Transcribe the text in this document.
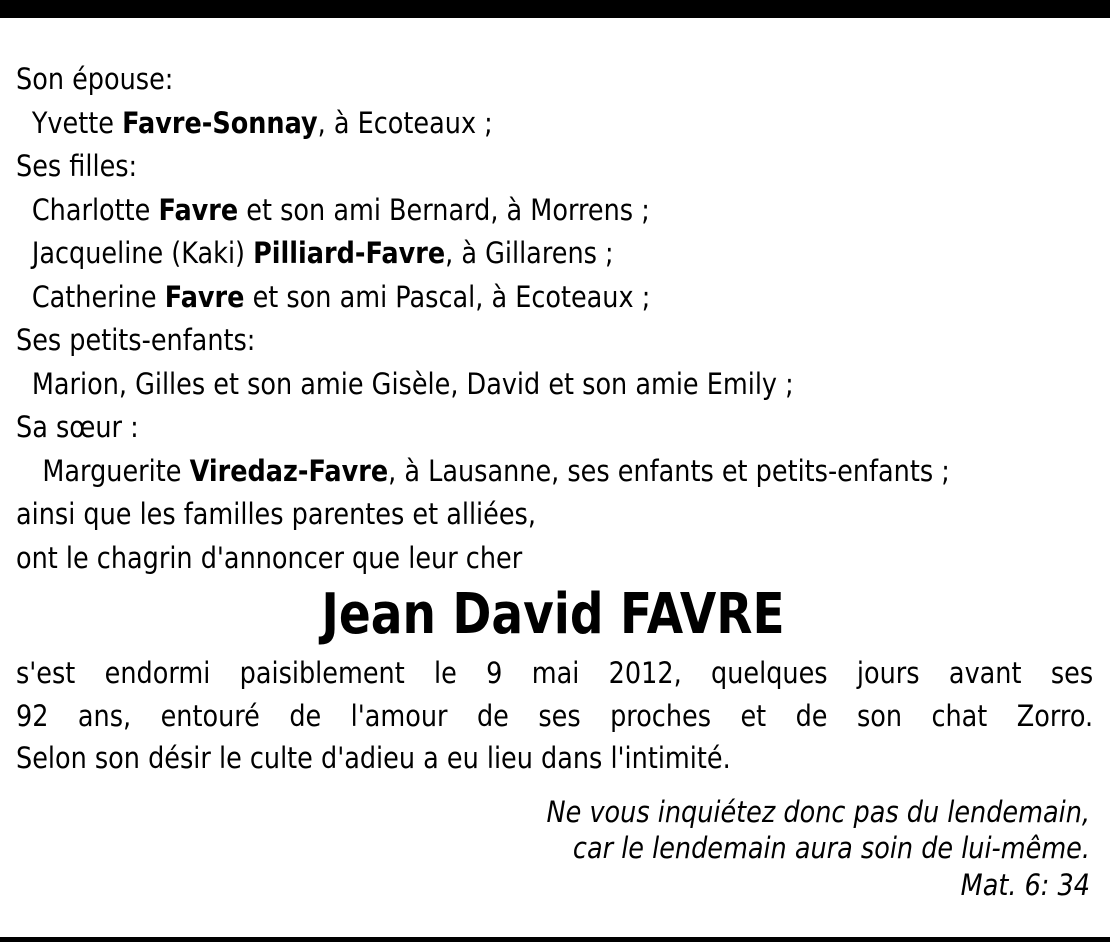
Son épouse:
Yvette Favre-Sonnay, à Ecoteaux ;
Ses filles:
Charlotte Favre et son ami Bernard, à Morrens ;
Jacqueline (Kaki) Pilliard-Favre, à Gillarens ;
Catherine Favre et son ami Pascal, à Ecoteaux ;
Ses petits-enfants:
Marion, Gilles et son amie Gisèle, David et son amie Emily ;
Sa sœur :
Marguerite Viredaz-Favre, à Lausanne, ses enfants et petits-enfants ;
ainsi que les familles parentes et alliées,
ont le chagrin d'annoncer que leur cher
Jean David FAVRE
s'est endormi paisiblement le 9 mai 2012, quelques jours avant ses
92 ans, entouré de l'amour de ses proches et de son chat Zorro.
Selon son désir le culte d'adieu a eu lieu dans l'intimité.
Ne vous inquiétez donc pas du lendemain,
car le lendemain aura soin de lui-même.
Mat. 6: 34
